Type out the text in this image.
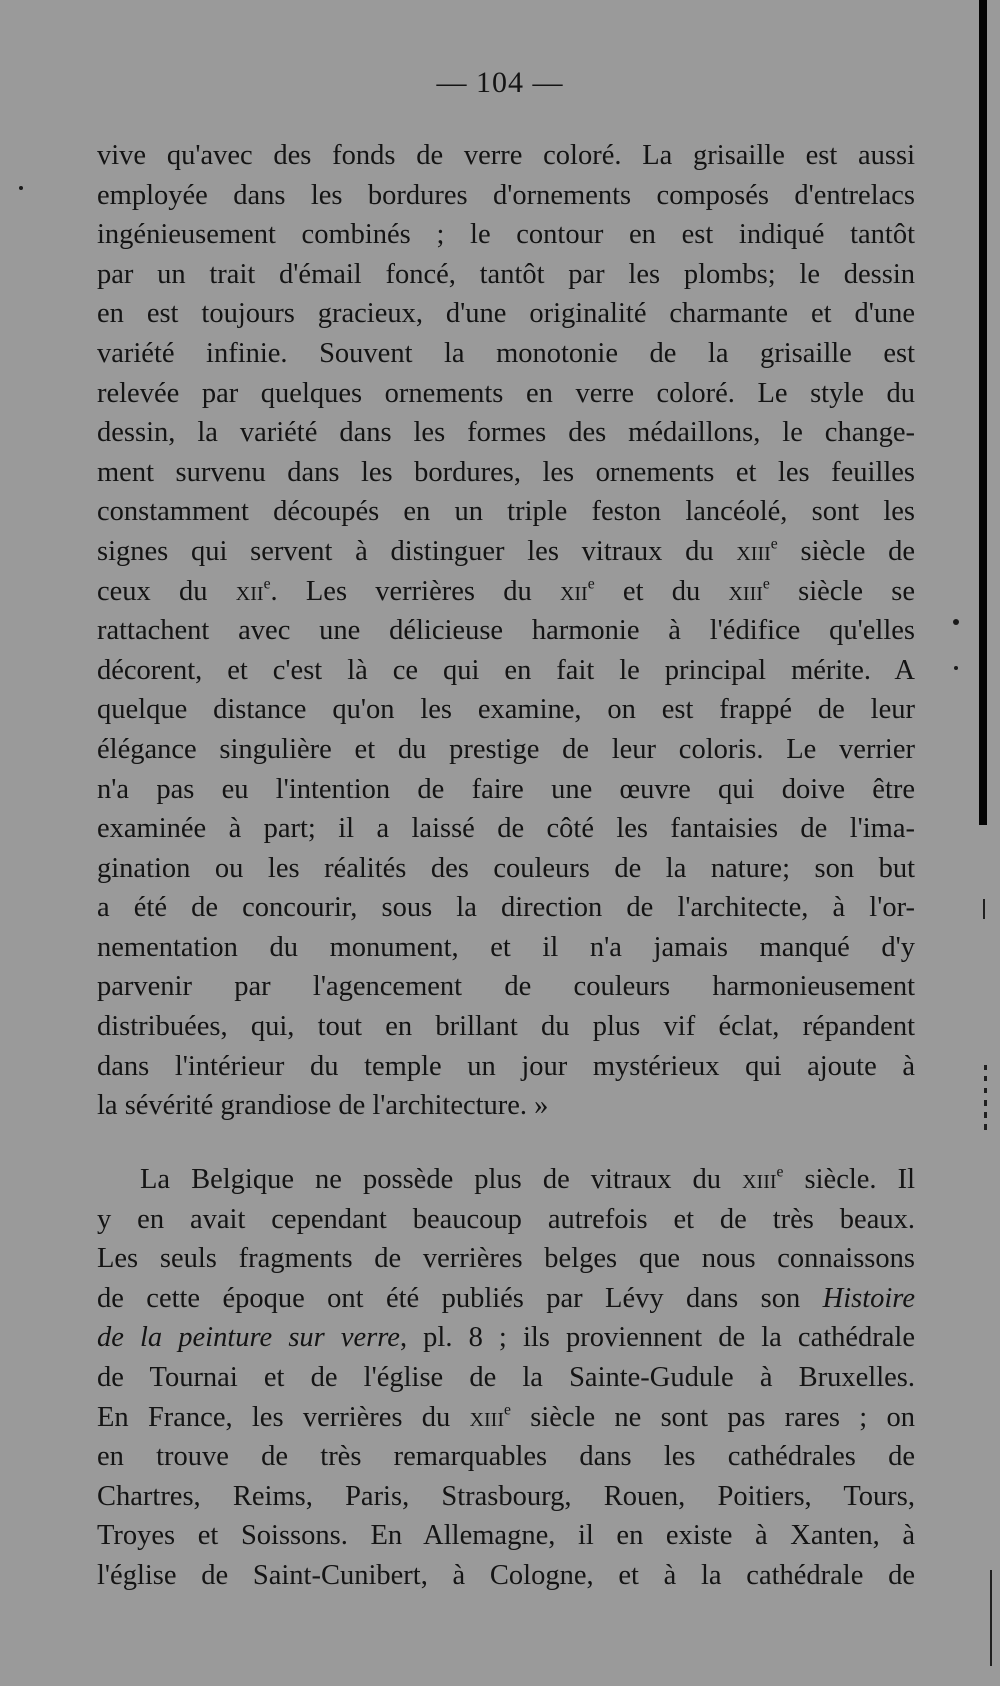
— 104 —
vive qu'avec des fonds de verre coloré. La grisaille est aussi
employée dans les bordures d'ornements composés d'entrelacs
ingénieusement combinés ; le contour en est indiqué tantôt
par un trait d'émail foncé, tantôt par les plombs; le dessin
en est toujours gracieux, d'une originalité charmante et d'une
variété infinie. Souvent la monotonie de la grisaille est
relevée par quelques ornements en verre coloré. Le style du
dessin, la variété dans les formes des médaillons, le change-
ment survenu dans les bordures, les ornements et les feuilles
constamment découpés en un triple feston lancéolé, sont les
signes qui servent à distinguer les vitraux du xiii$^e$ siècle de
ceux du xii$^e$. Les verrières du xii$^e$ et du xiii$^e$ siècle se
rattachent avec une délicieuse harmonie à l'édifice qu'elles
décorent, et c'est là ce qui en fait le principal mérite. A
quelque distance qu'on les examine, on est frappé de leur
élégance singulière et du prestige de leur coloris. Le verrier
n'a pas eu l'intention de faire une œuvre qui doive être
examinée à part; il a laissé de côté les fantaisies de l'ima-
gination ou les réalités des couleurs de la nature; son but
a été de concourir, sous la direction de l'architecte, à l'or-
nementation du monument, et il n'a jamais manqué d'y
parvenir par l'agencement de couleurs harmonieusement
distribuées, qui, tout en brillant du plus vif éclat, répandent
dans l'intérieur du temple un jour mystérieux qui ajoute à
la sévérité grandiose de l'architecture. »
La Belgique ne possède plus de vitraux du xiii$^e$ siècle. Il
y en avait cependant beaucoup autrefois et de très beaux.
Les seuls fragments de verrières belges que nous connaissons
de cette époque ont été publiés par Lévy dans son Histoire
de la peinture sur verre, pl. 8 ; ils proviennent de la cathédrale
de Tournai et de l'église de la Sainte-Gudule à Bruxelles.
En France, les verrières du xiii$^e$ siècle ne sont pas rares ; on
en trouve de très remarquables dans les cathédrales de
Chartres, Reims, Paris, Strasbourg, Rouen, Poitiers, Tours,
Troyes et Soissons. En Allemagne, il en existe à Xanten, à
l'église de Saint-Cunibert, à Cologne, et à la cathédrale de
